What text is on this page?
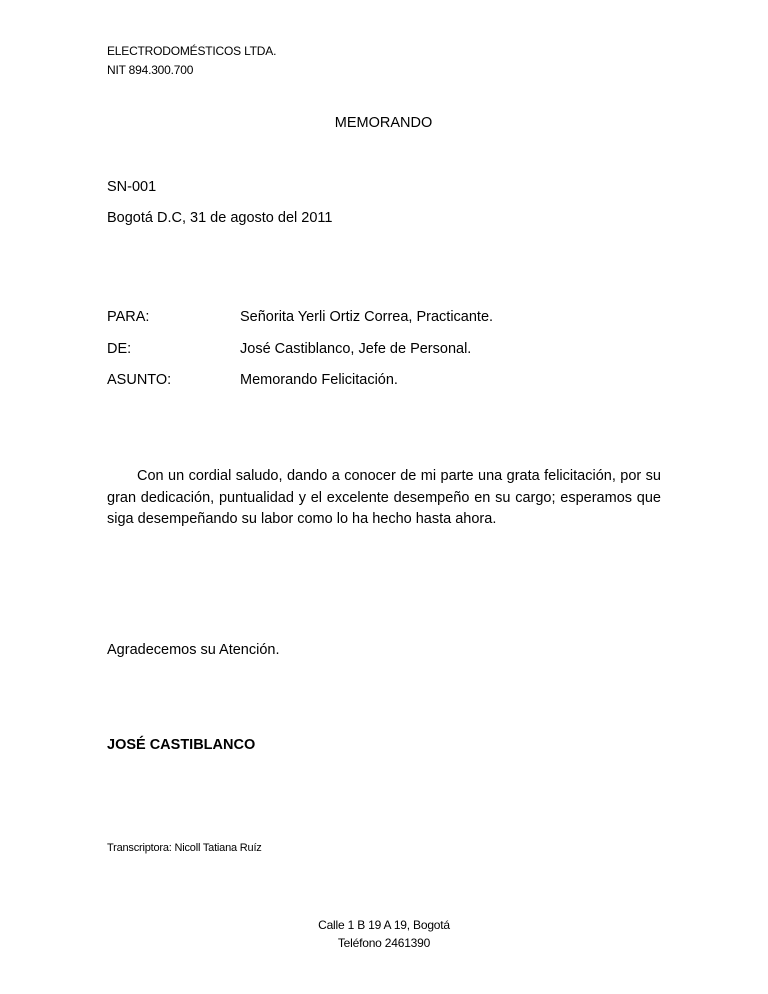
ELECTRODOMÉSTICOS LTDA.
NIT 894.300.700
MEMORANDO
SN-001
Bogotá D.C, 31 de agosto del 2011
PARA:	Señorita Yerli Ortiz Correa, Practicante.
DE:	José Castiblanco, Jefe de Personal.
ASUNTO:	Memorando Felicitación.
Con un cordial saludo, dando a conocer de mi parte una grata felicitación, por su gran dedicación, puntualidad y el excelente desempeño en su cargo; esperamos que siga desempeñando su labor como lo ha hecho hasta ahora.
Agradecemos su Atención.
JOSÉ CASTIBLANCO
Transcriptora: Nicoll Tatiana Ruíz
Calle 1 B 19 A 19, Bogotá
Teléfono 2461390
